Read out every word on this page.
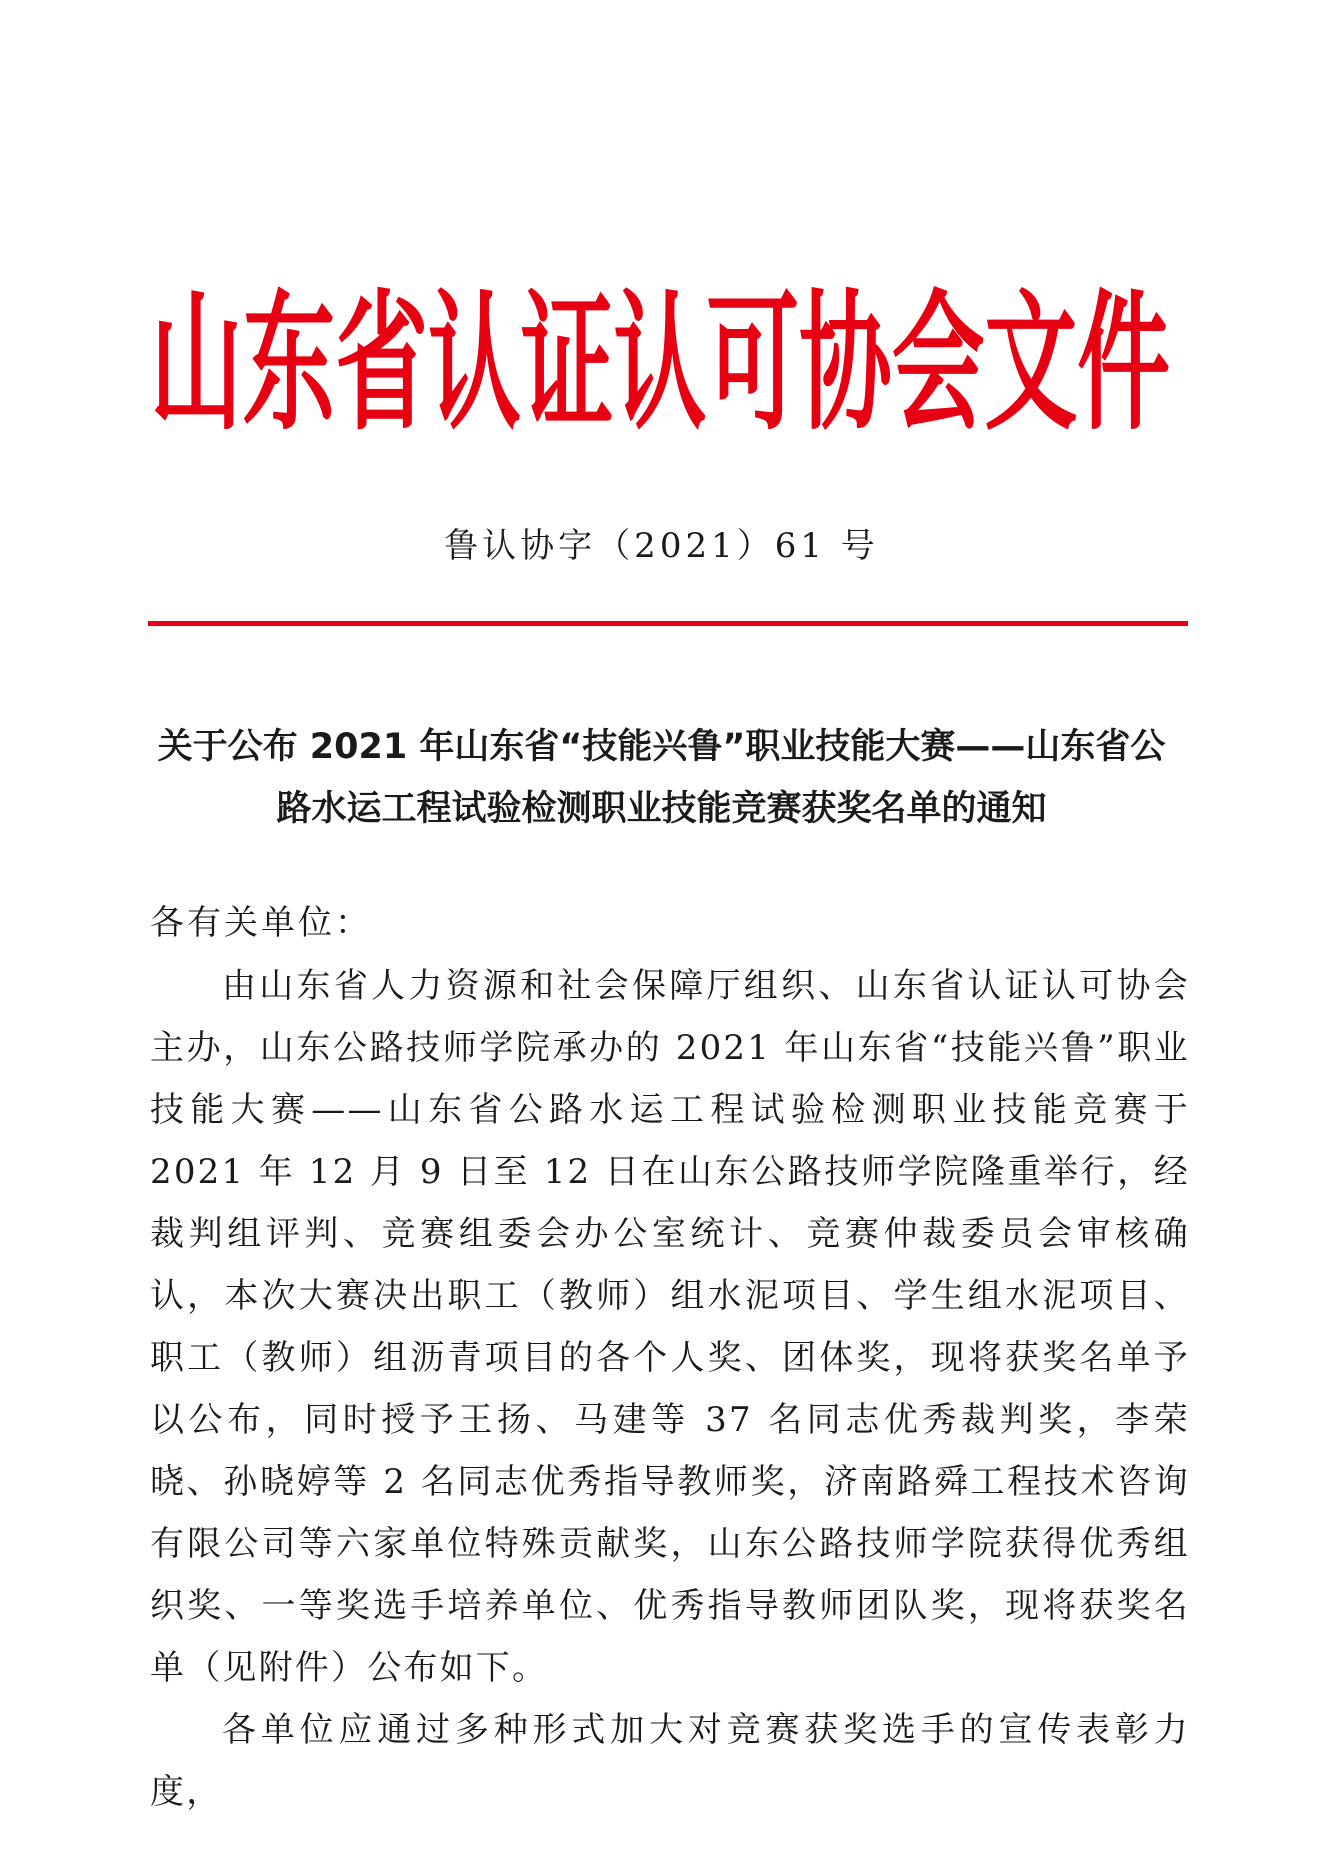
山东省认证认可协会文件
鲁认协字（2021）61 号
关于公布 2021 年山东省“技能兴鲁”职业技能大赛——山东省公
路水运工程试验检测职业技能竞赛获奖名单的通知
各有关单位：

由山东省人力资源和社会保障厅组织、山东省认证认可协会主办，山东公路技师学院承办的 2021 年山东省“技能兴鲁”职业技能大赛——山东省公路水运工程试验检测职业技能竞赛于 2021 年 12 月 9 日至 12 日在山东公路技师学院隆重举行，经裁判组评判、竞赛组委会办公室统计、竞赛仲裁委员会审核确认，本次大赛决出职工（教师）组水泥项目、学生组水泥项目、职工（教师）组沥青项目的各个人奖、团体奖，现将获奖名单予以公布，同时授予王扬、马建等 37 名同志优秀裁判奖，李荣晓、孙晓婷等 2 名同志优秀指导教师奖，济南路舜工程技术咨询有限公司等六家单位特殊贡献奖，山东公路技师学院获得优秀组织奖、一等奖选手培养单位、优秀指导教师团队奖，现将获奖名单（见附件）公布如下。

各单位应通过多种形式加大对竞赛获奖选手的宣传表彰力度，
